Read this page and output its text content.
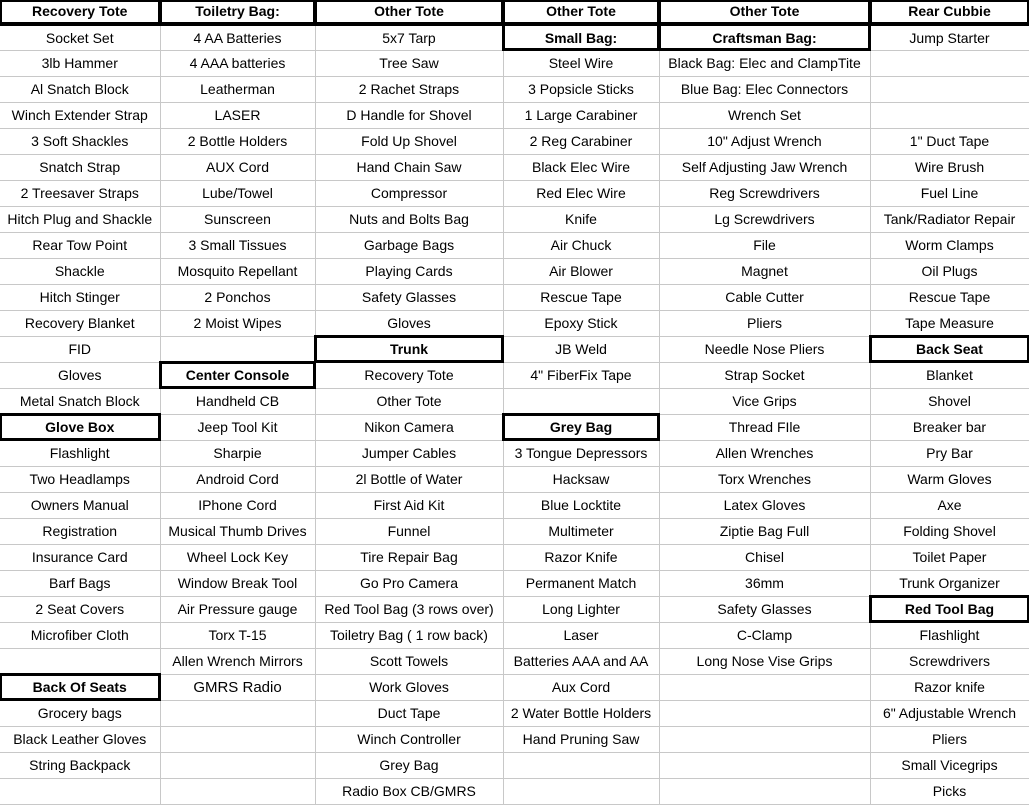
Recovery Tote	Toiletry Bag:	Other Tote	Other Tote	Other Tote	Rear Cubbie
Socket Set	4 AA Batteries	5x7 Tarp	Small Bag:	Craftsman Bag:	Jump Starter
3lb Hammer	4 AAA batteries	Tree Saw	Steel Wire	Black Bag: Elec and ClampTite	
Al Snatch Block	Leatherman	2 Rachet Straps	3 Popsicle Sticks	Blue Bag: Elec Connectors	
Winch Extender Strap	LASER	D Handle for Shovel	1 Large Carabiner	Wrench Set	
3 Soft Shackles	2 Bottle Holders	Fold Up Shovel	2 Reg Carabiner	10" Adjust Wrench	1" Duct Tape
Snatch Strap	AUX Cord	Hand Chain Saw	Black Elec Wire	Self Adjusting Jaw Wrench	Wire Brush
2 Treesaver Straps	Lube/Towel	Compressor	Red Elec Wire	Reg Screwdrivers	Fuel Line
Hitch Plug and Shackle	Sunscreen	Nuts and Bolts Bag	Knife	Lg Screwdrivers	Tank/Radiator Repair
Rear Tow Point	3 Small Tissues	Garbage Bags	Air Chuck	File	Worm Clamps
Shackle	Mosquito Repellant	Playing Cards	Air Blower	Magnet	Oil Plugs
Hitch Stinger	2 Ponchos	Safety Glasses	Rescue Tape	Cable Cutter	Rescue Tape
Recovery Blanket	2 Moist Wipes	Gloves	Epoxy Stick	Pliers	Tape Measure
FID		Trunk	JB Weld	Needle Nose Pliers	Back Seat
Gloves	Center Console	Recovery Tote	4" FiberFix Tape	Strap Socket	Blanket
Metal Snatch Block	Handheld CB	Other Tote		Vice Grips	Shovel
Glove Box	Jeep Tool Kit	Nikon Camera	Grey Bag	Thread FIle	Breaker bar
Flashlight	Sharpie	Jumper Cables	3 Tongue Depressors	Allen Wrenches	Pry Bar
Two Headlamps	Android Cord	2l Bottle of Water	Hacksaw	Torx Wrenches	Warm Gloves
Owners Manual	IPhone Cord	First Aid Kit	Blue Locktite	Latex Gloves	Axe
Registration	Musical Thumb Drives	Funnel	Multimeter	Ziptie Bag Full	Folding Shovel
Insurance Card	Wheel Lock Key	Tire Repair Bag	Razor Knife	Chisel	Toilet Paper
Barf Bags	Window Break Tool	Go Pro Camera	Permanent Match	36mm	Trunk Organizer
2 Seat Covers	Air Pressure gauge	Red Tool Bag (3 rows over)	Long Lighter	Safety Glasses	Red Tool Bag
Microfiber Cloth	Torx T-15	Toiletry Bag ( 1 row back)	Laser	C-Clamp	Flashlight
	Allen Wrench Mirrors	Scott Towels	Batteries AAA and AA	Long Nose Vise Grips	Screwdrivers
Back Of Seats	GMRS Radio	Work Gloves	Aux Cord		Razor knife
Grocery bags		Duct Tape	2 Water Bottle Holders		6" Adjustable Wrench
Black Leather Gloves		Winch Controller	Hand Pruning Saw		Pliers
String Backpack		Grey Bag			Small Vicegrips
		Radio Box CB/GMRS			Picks
